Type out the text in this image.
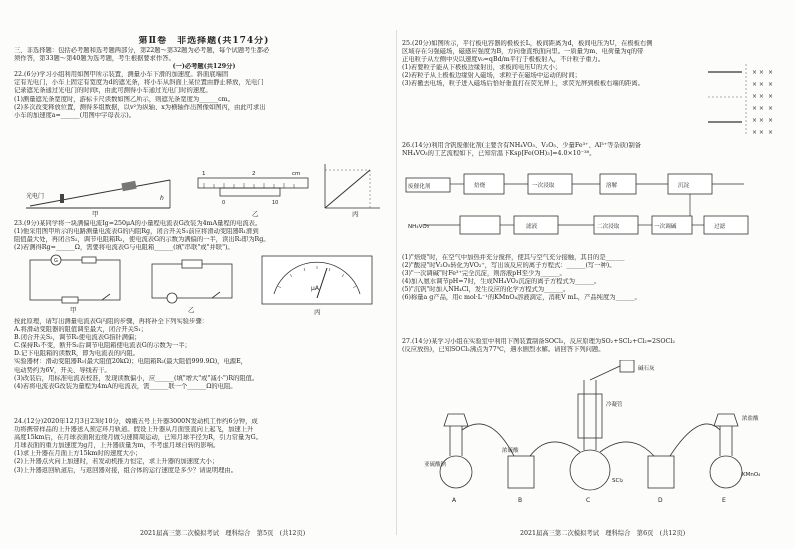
第Ⅱ卷　非选择题(共174分)

三、非选择题：包括必考题和选考题两部分，第22题～第32题为必考题，每个试题考生都必

须作答，第33题～第40题为选考题，考生根据要求作答。

(一)必考题(共129分)

22.(6分)学习小组利用如图甲所示装置，测量小车下滑的加速度。斜面底端固

定有光电门，小车上固定有宽度为d的遮光条，将小车从斜面上某位置由静止释放，光电门

记录遮光条通过光电门的时间t，由此可测得小车通过光电门时的速度。

(1)测量遮光条宽度时，游标卡尺读数如图乙所示，则遮光条宽度为______cm。

(2)多次改变释放位置，测得多组数据，以v²为纵轴、x为横轴作出图像如图丙，由此可求出

小车的加速度a=______(用图中字母表示)。

光电门	h
甲
1	2	cm
0	10
乙	丙

23.(9分)某同学将一块满偏电流Ig=250μA的小量程电流表G改装为4mA量程的电流表。

(1)他采用图甲所示的电路测量电流表G的内阻Rg，闭合开关S₁前应将滑动变阻器R₁滑到

阻值最大处，再闭合S₂，调节电阻箱R₂，使电流表G的示数为满偏的一半，读出R₂即为Rg。

(2)若测得Rg=______Ω，需要将电流表G与电阻箱______(填"串联"或"并联")。

G
甲	乙
μA
丙

按此原理，请写出测量电流表G内阻的步骤，再将补全下列实验步骤：

A.将滑动变阻器的阻值调至最大，闭合开关S₁；

B.闭合开关S₂，调节R₂使电流表G指针满偏；

C.保持R₁不变，断开S₂后调节电阻箱使电流表G的示数为一半；

D.记下电阻箱的读数R，即为电流表的内阻。

实验器材：滑动变阻器R₁(最大阻值20kΩ)；电阻箱R₂(最大阻值999.9Ω)，电源E，

电动势约为6V，开关、导线若干。

(3)改装后，用标准电流表校准，发现读数偏小，应______(填"增大"或"减小")R的阻值。

(4)若将电流表G改装为量程为4mA的电流表，需______联一个______Ω的电阻。

24.(12分)2020年12月3日23时10分，嫦娥五号上升器3000N发动机工作约6分钟，成

功将携带样品的上升器送入预定环月轨道。假设上升器从月面竖直向上起飞，加速上升

高度15km后，在月球表面附近绕月做匀速圆周运动，已知月球半径为R，引力常量为G。

月球表面的重力加速度为g月，上升器质量为m，不考虑月球自转的影响。

(1)求上升器在月面上方15km时的速度大小；

(2)上升器点火向上加速时，若发动机推力恒定，求上升器的加速度大小；

(3)上升器返回轨道后，与返回器对接，组合体的运行速度是多少？请说明理由。

2021届高三第二次模拟考试　理科综合　第5页　(共12页)

25.(20分)如图所示，平行板电容器的极板长L，板间距离为d，板间电压为U，在极板右侧

区域存在匀强磁场，磁感应强度为B，方向垂直纸面向里。一质量为m、电荷量为q的带

正电粒子从左侧中央以速度v₀=qBd/m平行于极板射入，不计粒子重力。

(1)若要粒子能从下极板边缘射出，求板间电压U的大小；

(2)若粒子从上极板边缘射入磁场，求粒子在磁场中运动的时间；

(3)若撤去电场，粒子进入磁场后恰好垂直打在荧光屏上，求荧光屏到极板右端的距离。

× × ×
× × ×
× × ×
× × ×
× × ×
× × ×

26.(14分)利用含钒废催化剂(主要含有NH₄VO₃、V₂O₅、少量Fe³⁺、Al³⁺等杂质)制备

NH₄VO₃的工艺流程如下，已知常温下Ksp[Fe(OH)₃]=4.0×10⁻³⁸。

废催化剂	焙烧	一次浸取	溶解	沉淀
过滤
二次浸取
NH₄VO₃	滤液	一次调碱

(1)"焙烧"时，在空气中加热并充分搅拌，使其与空气充分接触，其目的是______

(2)"酸浸"时V₂O₅转化为VO₂⁺，写出该反应的离子方程式：______(写一种)。

(3)"一次调碱"时Fe³⁺完全沉淀，则溶液pH至少为______。

(4)加入氨水调节pH=7时，生成NH₄VO₃沉淀的离子方程式为______。

(5)"沉钒"时加入NH₄Cl，发生反应的化学方程式为______。

(6)称量a g产品，用c mol·L⁻¹的KMnO₄溶液滴定，消耗V mL，产品纯度为______。

27.(14分)某学习小组在实验室中利用下图装置制备SOCl₂，反应原理为SO₂+SCl₂+Cl₂=2SOCl₂

(反应放热)，已知SOCl₂沸点为77℃，遇水剧烈水解。请回答下列问题。

A	B	C	D	E
浓硫酸
亚硫酸钠
冷凝管
SCl₂
碱石灰
浓盐酸
KMnO₄
2021届高三第二次模拟考试　理科综合　第6页　(共12页)
